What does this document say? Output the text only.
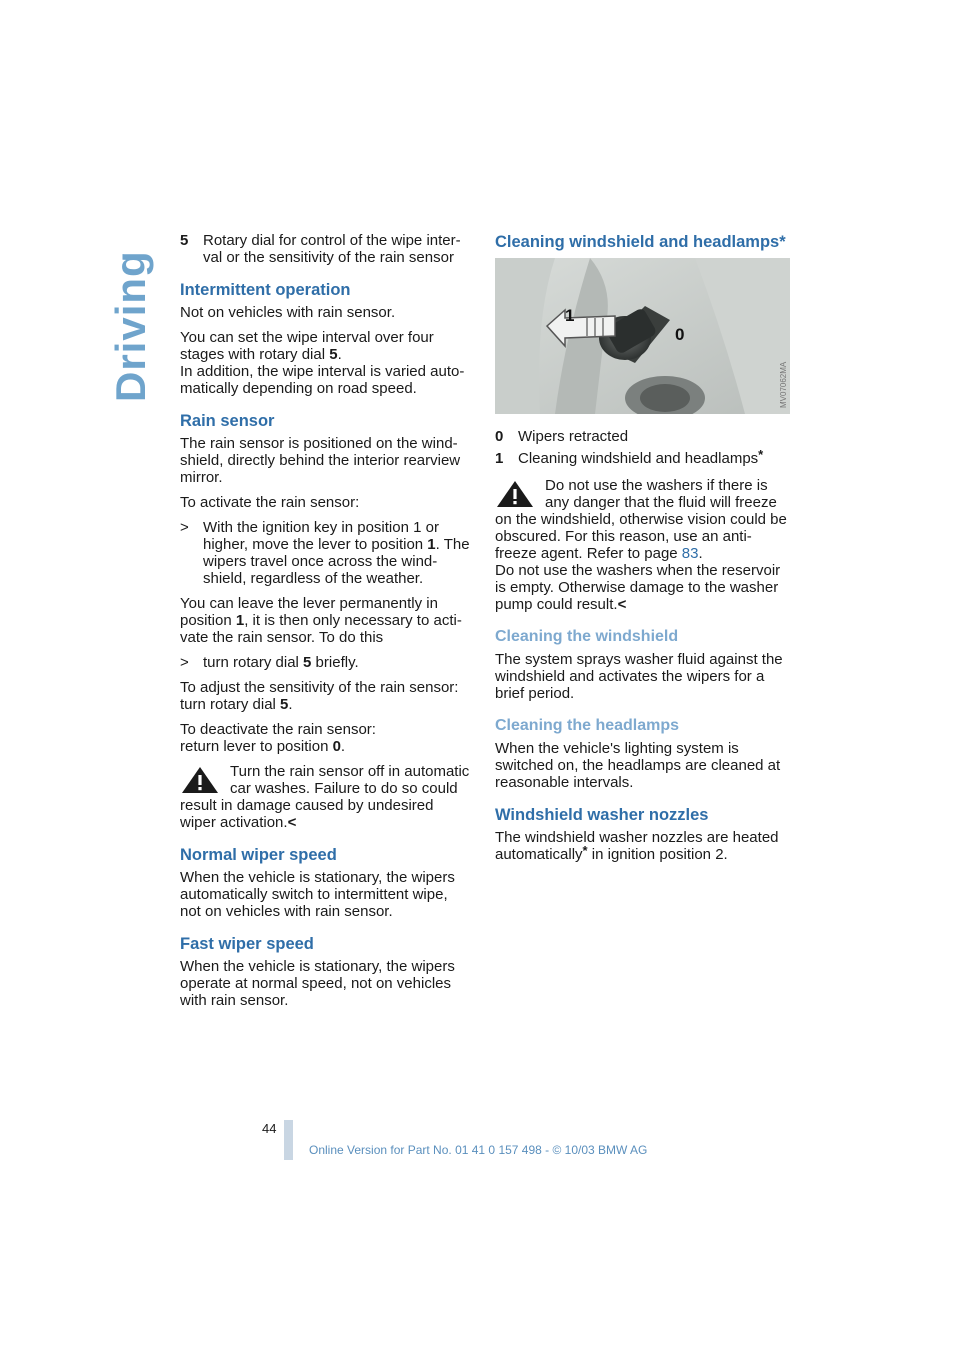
Driving
5 Rotary dial for control of the wipe inter-val or the sensitivity of the rain sensor
Intermittent operation

Not on vehicles with rain sensor.

You can set the wipe interval over four stages with rotary dial 5.

In addition, the wipe interval is varied auto-matically depending on road speed.

Rain sensor

The rain sensor is positioned on the wind-shield, directly behind the interior rearview mirror.

To activate the rain sensor:

> With the ignition key in position 1 or higher, move the lever to position 1. The wipers travel once across the wind-shield, regardless of the weather.

You can leave the lever permanently in position 1, it is then only necessary to acti-vate the rain sensor. To do this

> turn rotary dial 5 briefly.

To adjust the sensitivity of the rain sensor: turn rotary dial 5.

To deactivate the rain sensor:
return lever to position 0.

Turn the rain sensor off in automatic car washes. Failure to do so could result in damage caused by undesired wiper activation.<
Normal wiper speed

When the vehicle is stationary, the wipers automatically switch to intermittent wipe, not on vehicles with rain sensor.

Fast wiper speed

When the vehicle is stationary, the wipers operate at normal speed, not on vehicles with rain sensor.

Cleaning windshield and headlamps*
1
0
MV07062MA
0 Wipers retracted
1 Cleaning windshield and headlamps*
Do not use the washers if there is any danger that the fluid will freeze on the windshield, otherwise vision could be obscured. For this reason, use an anti-freeze agent. Refer to page 83.
Do not use the washers when the reservoir is empty. Otherwise damage to the washer pump could result.<
Cleaning the windshield

The system sprays washer fluid against the windshield and activates the wipers for a brief period.

Cleaning the headlamps

When the vehicle's lighting system is switched on, the headlamps are cleaned at reasonable intervals.

Windshield washer nozzles

The windshield washer nozzles are heated automatically* in ignition position 2.

44
Online Version for Part No. 01 41 0 157 498 - © 10/03 BMW AG
